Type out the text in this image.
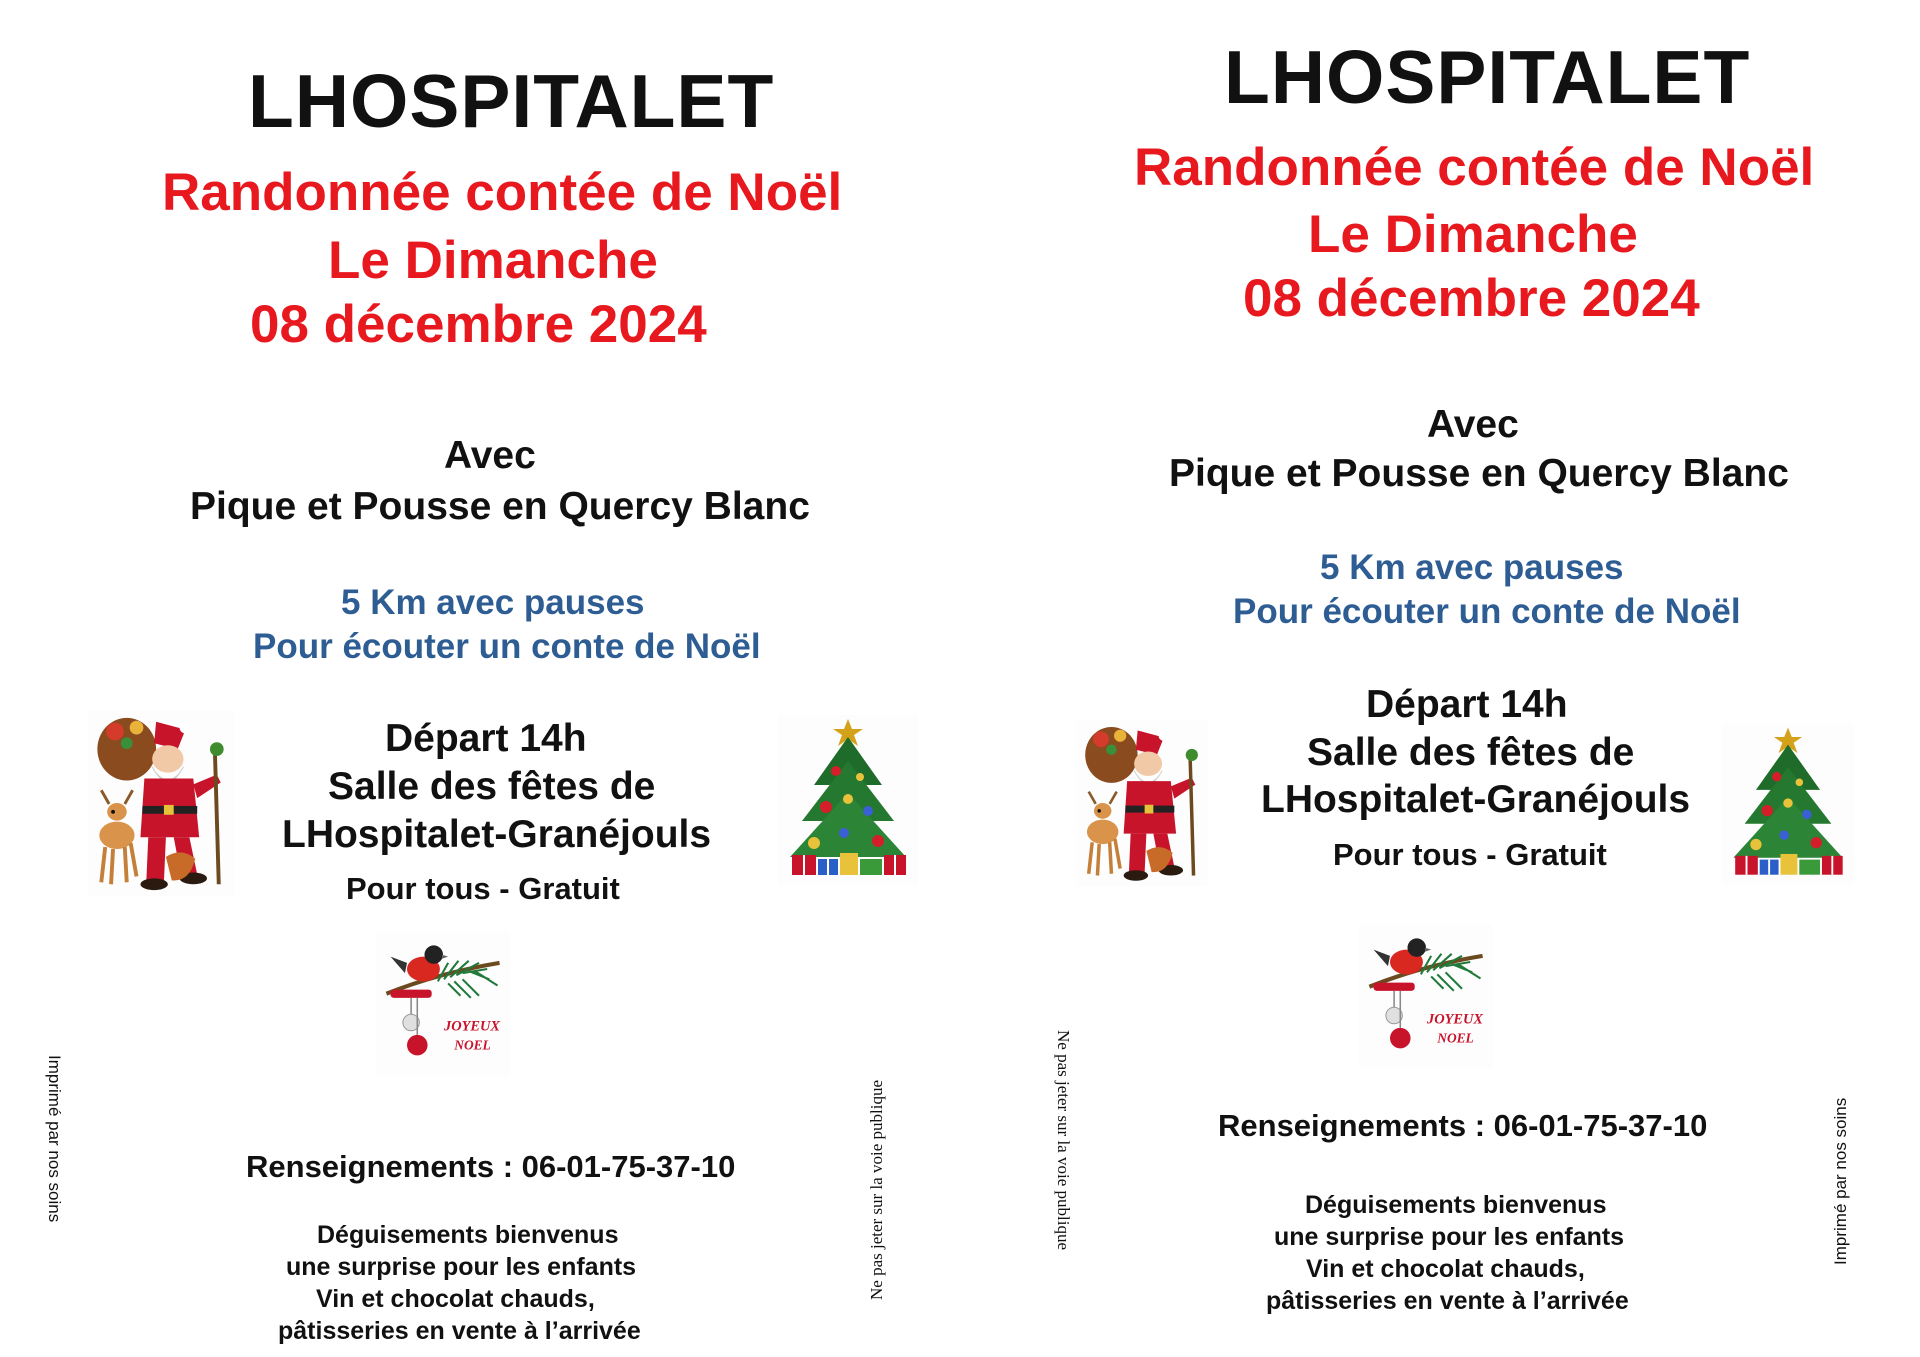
LHOSPITALET

Randonnée contée de Noël

Le Dimanche

08 décembre 2024

Avec

Pique et Pousse en Quercy Blanc

5 Km avec pauses

Pour écouter un conte de Noël

Départ 14h

Salle des fêtes de

LHospitalet-Granéjouls

Pour tous - Gratuit

Renseignements : 06-01-75-37-10

Déguisements bienvenus

une surprise pour les enfants

Vin et chocolat chauds,

pâtisseries en vente à l’arrivée

Imprimé par nos soins	Ne pas jeter sur la voie publique

LHOSPITALET

Randonnée contée de Noël

Le Dimanche

08 décembre 2024

Avec

Pique et Pousse en Quercy Blanc

5 Km avec pauses

Pour écouter un conte de Noël

Départ 14h

Salle des fêtes de

LHospitalet-Granéjouls

Pour tous - Gratuit

Renseignements : 06-01-75-37-10

Déguisements bienvenus

une surprise pour les enfants

Vin et chocolat chauds,

pâtisseries en vente à l’arrivée

Ne pas jeter sur la voie publique	Imprimé par nos soins
